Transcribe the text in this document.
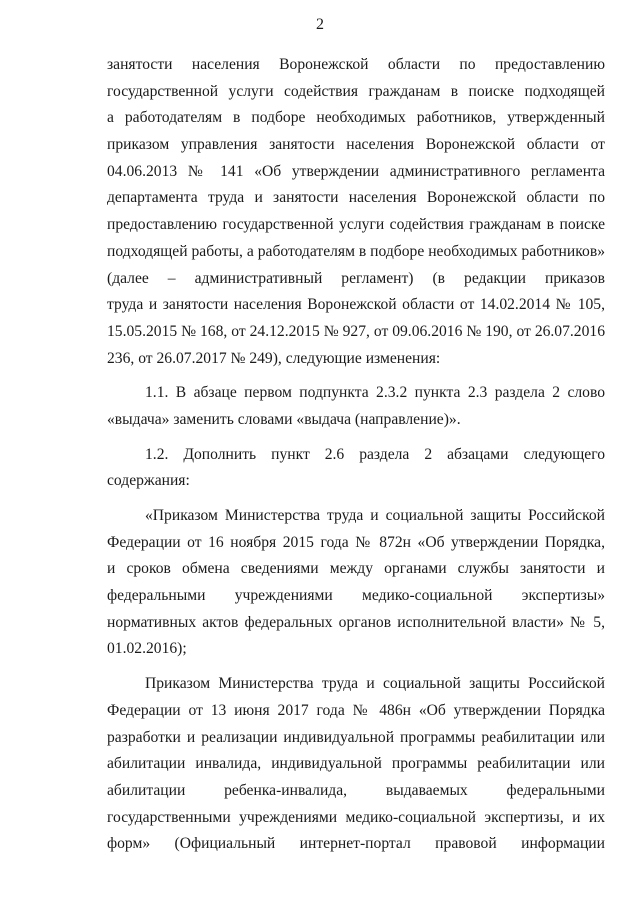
2
занятости населения Воронежской области по предоставлению
государственной услуги содействия гражданам в поиске подходящей
а работодателям в подборе необходимых работников, утвержденный
приказом управления занятости населения Воронежской области от
04.06.2013 № 141 «Об утверждении административного регламента
департамента труда и занятости населения Воронежской области по
предоставлению государственной услуги содействия гражданам в поиске
подходящей работы, а работодателям в подборе необходимых работников»
(далее – административный регламент) (в редакции приказов
труда и занятости населения Воронежской области от 14.02.2014 № 105,
15.05.2015 № 168, от 24.12.2015 № 927, от 09.06.2016 № 190, от 26.07.2016
236, от 26.07.2017 № 249), следующие изменения:
1.1. В абзаце первом подпункта 2.3.2 пункта 2.3 раздела 2 слово
«выдача» заменить словами «выдача (направление)».
1.2. Дополнить пункт 2.6 раздела 2 абзацами следующего
содержания:
«Приказом Министерства труда и социальной защиты Российской
Федерации от 16 ноября 2015 года № 872н «Об утверждении Порядка,
и сроков обмена сведениями между органами службы занятости и
федеральными учреждениями медико-социальной экспертизы»
нормативных актов федеральных органов исполнительной власти» № 5,
01.02.2016);
Приказом Министерства труда и социальной защиты Российской
Федерации от 13 июня 2017 года № 486н «Об утверждении Порядка
разработки и реализации индивидуальной программы реабилитации или
абилитации инвалида, индивидуальной программы реабилитации или
абилитации ребенка-инвалида, выдаваемых федеральными
государственными учреждениями медико-социальной экспертизы, и их
форм» (Официальный интернет-портал правовой информации
